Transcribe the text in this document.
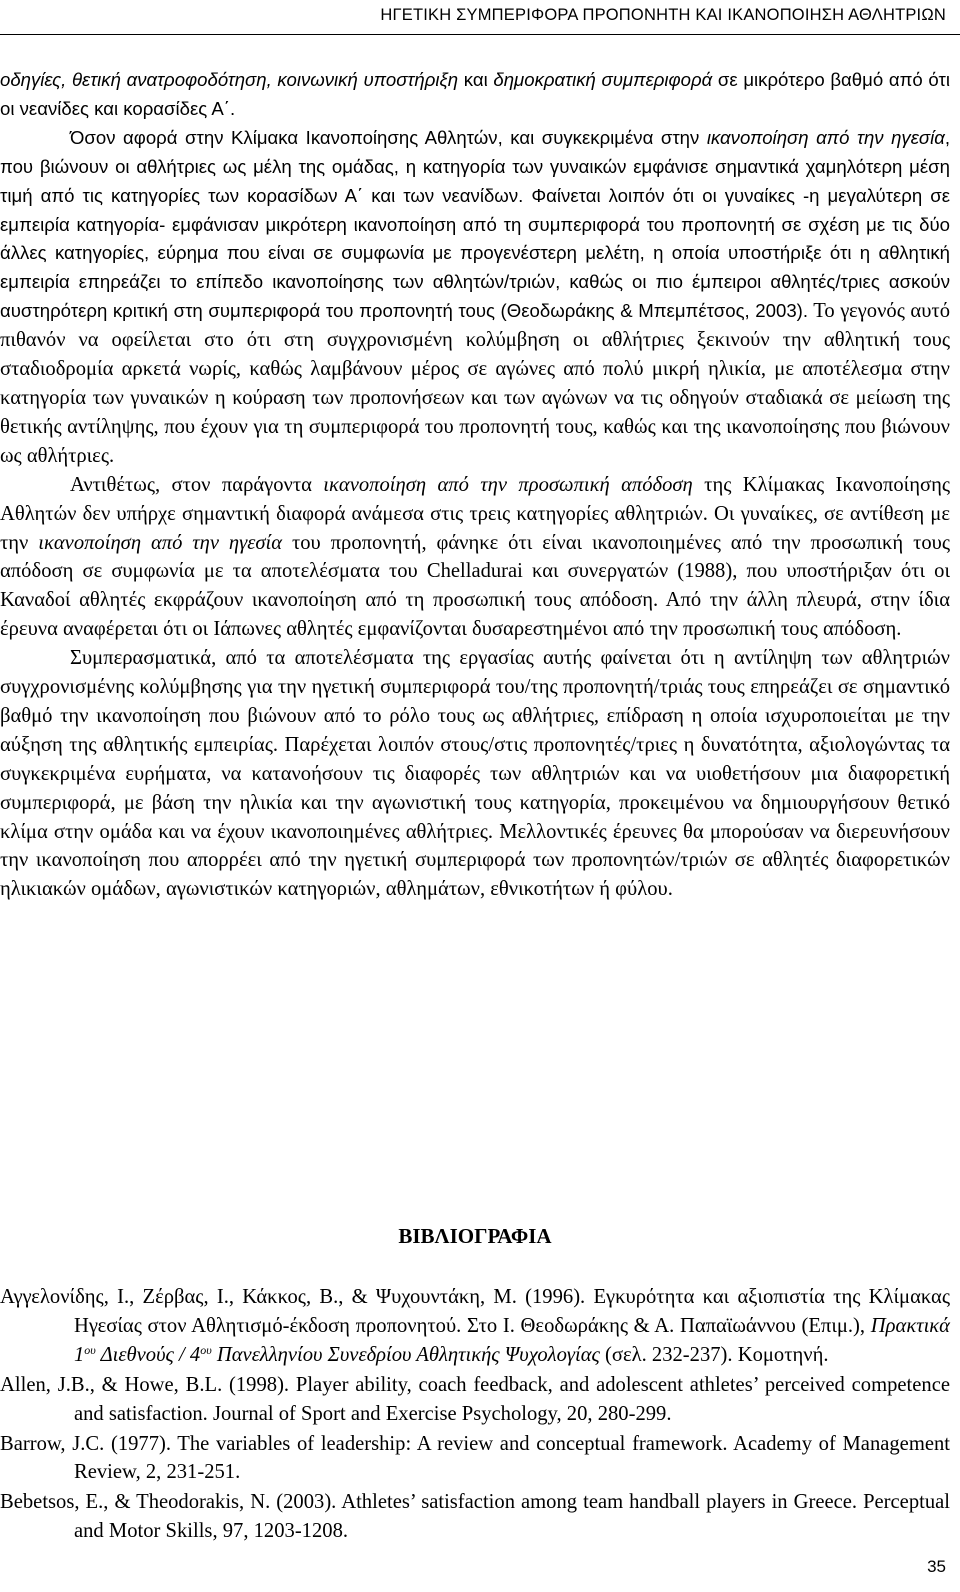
ΗΓΕΤΙΚΗ ΣΥΜΠΕΡΙΦΟΡΑ ΠΡΟΠΟΝΗΤΗ ΚΑΙ ΙΚΑΝΟΠΟΙΗΣΗ ΑΘΛΗΤΡΙΩΝ

οδηγίες, θετική ανατροφοδότηση, κοινωνική υποστήριξη και δημοκρατική συμπεριφορά σε μικρότερο βαθμό από ότι οι νεανίδες και κορασίδες Α΄.

Όσον αφορά στην Κλίμακα Ικανοποίησης Αθλητών, και συγκεκριμένα στην ικανοποίηση από την ηγεσία, που βιώνουν οι αθλήτριες ως μέλη της ομάδας, η κατηγορία των γυναικών εμφάνισε σημαντικά χαμηλότερη μέση τιμή από τις κατηγορίες των κορασίδων Α΄ και των νεανίδων. Φαίνεται λοιπόν ότι οι γυναίκες -η μεγαλύτερη σε εμπειρία κατηγορία- εμφάνισαν μικρότερη ικανοποίηση από τη συμπεριφορά του προπονητή σε σχέση με τις δύο άλλες κατηγορίες, εύρημα που είναι σε συμφωνία με προγενέστερη μελέτη, η οποία υποστήριξε ότι η αθλητική εμπειρία επηρεάζει το επίπεδο ικανοποίησης των αθλητών/τριών, καθώς οι πιο έμπειροι αθλητές/τριες ασκούν αυστηρότερη κριτική στη συμπεριφορά του προπονητή τους (Θεοδωράκης & Μπεμπέτσος, 2003). Το γεγονός αυτό πιθανόν να οφείλεται στο ότι στη συγχρονισμένη κολύμβηση οι αθλήτριες ξεκινούν την αθλητική τους σταδιοδρομία αρκετά νωρίς, καθώς λαμβάνουν μέρος σε αγώνες από πολύ μικρή ηλικία, με αποτέλεσμα στην κατηγορία των γυναικών η κούραση των προπονήσεων και των αγώνων να τις οδηγούν σταδιακά σε μείωση της θετικής αντίληψης, που έχουν για τη συμπεριφορά του προπονητή τους, καθώς και της ικανοποίησης που βιώνουν ως αθλήτριες.

Αντιθέτως, στον παράγοντα ικανοποίηση από την προσωπική απόδοση της Κλίμακας Ικανοποίησης Αθλητών δεν υπήρχε σημαντική διαφορά ανάμεσα στις τρεις κατηγορίες αθλητριών. Οι γυναίκες, σε αντίθεση με την ικανοποίηση από την ηγεσία του προπονητή, φάνηκε ότι είναι ικανοποιημένες από την προσωπική τους απόδοση σε συμφωνία με τα αποτελέσματα του Chelladurai και συνεργατών (1988), που υποστήριξαν ότι οι Καναδοί αθλητές εκφράζουν ικανοποίηση από τη προσωπική τους απόδοση. Από την άλλη πλευρά, στην ίδια έρευνα αναφέρεται ότι οι Ιάπωνες αθλητές εμφανίζονται δυσαρεστημένοι από την προσωπική τους απόδοση.

Συμπερασματικά, από τα αποτελέσματα της εργασίας αυτής φαίνεται ότι η αντίληψη των αθλητριών συγχρονισμένης κολύμβησης για την ηγετική συμπεριφορά του/της προπονητή/τριάς τους επηρεάζει σε σημαντικό βαθμό την ικανοποίηση που βιώνουν από το ρόλο τους ως αθλήτριες, επίδραση η οποία ισχυροποιείται με την αύξηση της αθλητικής εμπειρίας. Παρέχεται λοιπόν στους/στις προπονητές/τριες η δυνατότητα, αξιολογώντας τα συγκεκριμένα ευρήματα, να κατανοήσουν τις διαφορές των αθλητριών και να υιοθετήσουν μια διαφορετική συμπεριφορά, με βάση την ηλικία και την αγωνιστική τους κατηγορία, προκειμένου να δημιουργήσουν θετικό κλίμα στην ομάδα και να έχουν ικανοποιημένες αθλήτριες. Μελλοντικές έρευνες θα μπορούσαν να διερευνήσουν την ικανοποίηση που απορρέει από την ηγετική συμπεριφορά των προπονητών/τριών σε αθλητές διαφορετικών ηλικιακών ομάδων, αγωνιστικών κατηγοριών, αθλημάτων, εθνικοτήτων ή φύλου.

ΒΙΒΛΙΟΓΡΑΦΙΑ

Αγγελονίδης, Ι., Ζέρβας, Ι., Κάκκος, Β., & Ψυχουντάκη, Μ. (1996). Εγκυρότητα και αξιοπιστία της Κλίμακας Ηγεσίας στον Αθλητισμό-έκδοση προπονητού. Στο Ι. Θεοδωράκης & Α. Παπαϊωάννου (Επιμ.), Πρακτικά $1^{o\upsilon}$ Διεθνούς / $4^{o\upsilon}$ Πανελληνίου Συνεδρίου Αθλητικής Ψυχολογίας (σελ. 232-237). Κομοτηνή.

Allen, J.B., & Howe, B.L. (1998). Player ability, coach feedback, and adolescent athletes’ perceived competence and satisfaction. Journal of Sport and Exercise Psychology, 20, 280-299.

Barrow, J.C. (1977). The variables of leadership: A review and conceptual framework. Academy of Management Review, 2, 231-251.

Bebetsos, E., & Theodorakis, N. (2003). Athletes’ satisfaction among team handball players in Greece. Perceptual and Motor Skills, 97, 1203-1208.

35
